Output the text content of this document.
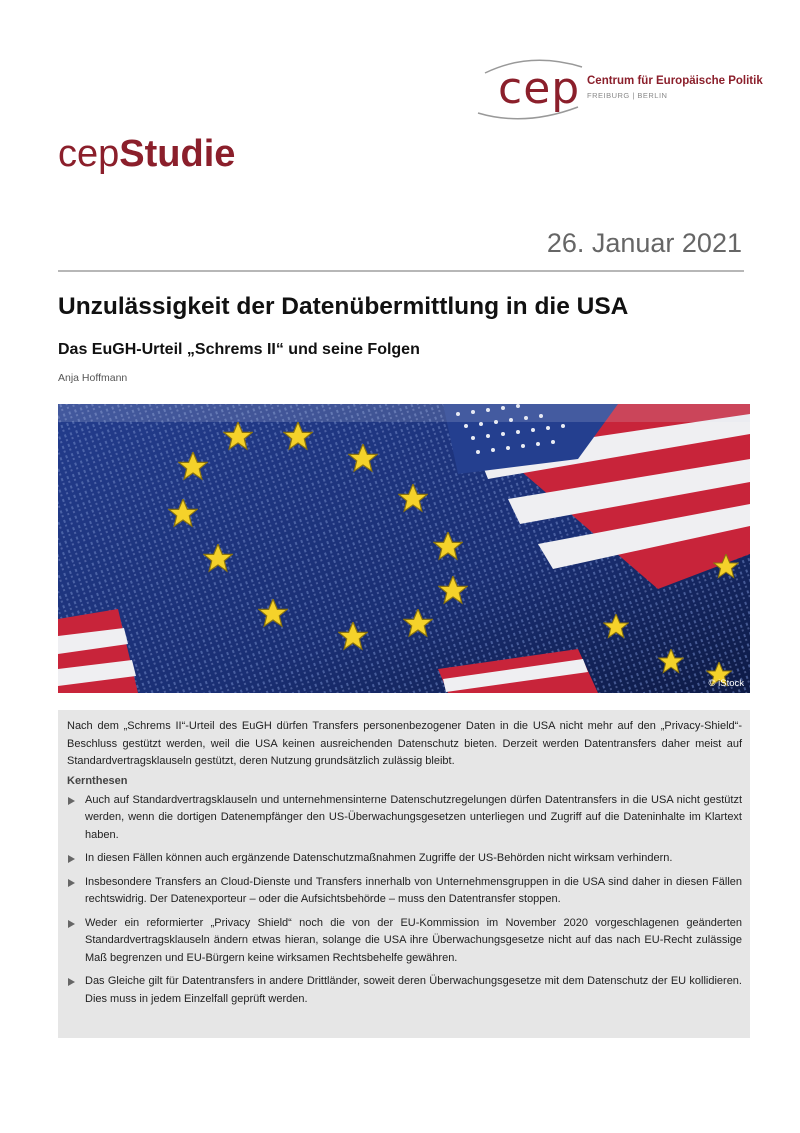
cep Centrum für Europäische Politik
FREIBURG | BERLIN
cepStudie
26. Januar 2021
Unzulässigkeit der Datenübermittlung in die USA
Das EuGH-Urteil „Schrems II“ und seine Folgen
Anja Hoffmann
© iStock

Nach dem „Schrems II“-Urteil des EuGH dürfen Transfers personenbezogener Daten in die USA nicht mehr auf den „Privacy-Shield“-Beschluss gestützt werden, weil die USA keinen ausreichenden Datenschutz bieten. Derzeit werden Datentransfers daher meist auf Standardvertragsklauseln gestützt, deren Nutzung grundsätzlich zulässig bleibt.

Kernthesen
Auch auf Standardvertragsklauseln und unternehmensinterne Datenschutzregelungen dürfen Datentransfers in die USA nicht gestützt werden, wenn die dortigen Datenempfänger den US-Überwachungsgesetzen unterliegen und Zugriff auf die Dateninhalte im Klartext haben.
In diesen Fällen können auch ergänzende Datenschutzmaßnahmen Zugriffe der US-Behörden nicht wirksam verhindern.
Insbesondere Transfers an Cloud-Dienste und Transfers innerhalb von Unternehmensgruppen in die USA sind daher in diesen Fällen rechtswidrig. Der Datenexporteur – oder die Aufsichtsbehörde – muss den Datentransfer stoppen.
Weder ein reformierter „Privacy Shield“ noch die von der EU-Kommission im November 2020 vorgeschlagenen geänderten Standardvertragsklauseln ändern etwas hieran, solange die USA ihre Überwachungsgesetze nicht auf das nach EU-Recht zulässige Maß begrenzen und EU-Bürgern keine wirksamen Rechtsbehelfe gewähren.
Das Gleiche gilt für Datentransfers in andere Drittländer, soweit deren Überwachungsgesetze mit dem Datenschutz der EU kollidieren. Dies muss in jedem Einzelfall geprüft werden.
